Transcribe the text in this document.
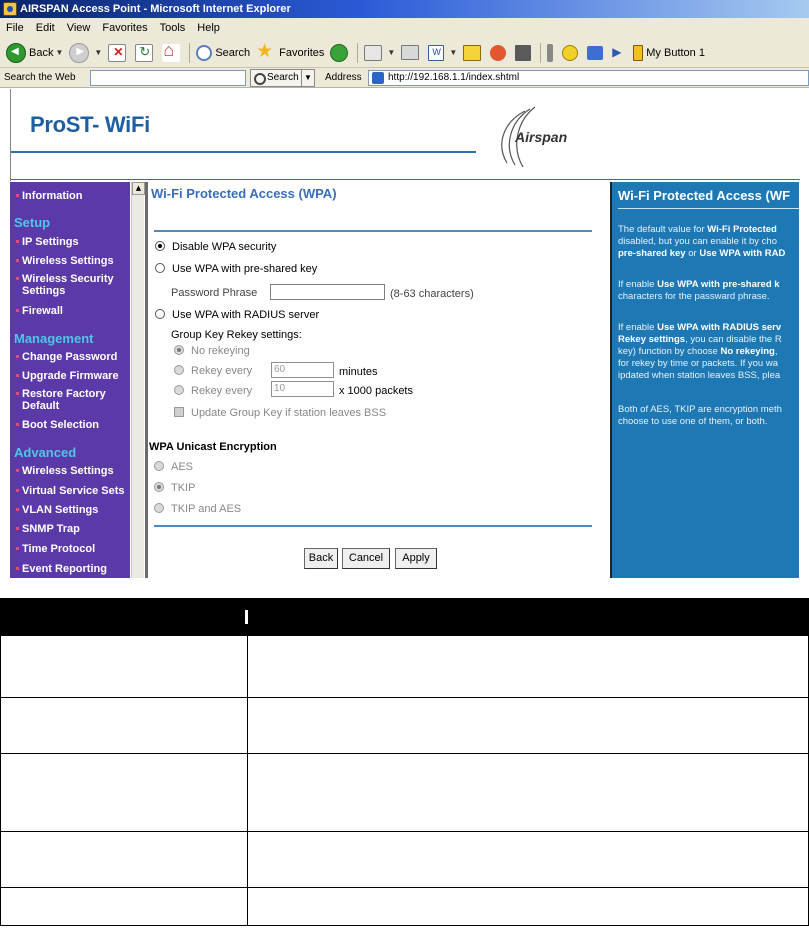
AIRSPAN Access Point - Microsoft Internet Explorer
File Edit View Favorites Tools Help
◀
Back ▼ ▶	▼ ✕ ↻ ⌂	Search ★	Favorites	▼ W	▼ ▶	My Button 1
Search the Web	Search ▼	Address	http://192.168.1.1/index.shtml
ProST- WiFi	Airspan
Information
Setup
IP Settings
Wireless Settings
Wireless Security Settings
Firewall
Management
Change Password
Upgrade Firmware
Restore Factory Default
Boot Selection
Advanced
Wireless Settings
Virtual Service Sets
VLAN Settings
SNMP Trap
Time Protocol
Event Reporting
▲ Wi-Fi Protected Access (WPA)
Disable WPA security
Use WPA with pre-shared key
Password Phrase	(8-63 characters)
Use WPA with RADIUS server
Group Key Rekey settings:
No rekeying
Rekey every	60	minutes
Rekey every	10	x 1000 packets
Update Group Key if station leaves BSS
WPA Unicast Encryption
AES
TKIP
TKIP and AES
Back	Cancel	Apply
Wi-Fi Protected Access (WF

The default value for Wi-Fi Protected
disabled, but you can enable it by cho
pre-shared key or Use WPA with RAD

If enable Use WPA with pre-shared k
characters for the passward phrase.

If enable Use WPA with RADIUS serv
Rekey settings, you can disable the R
key) function by choose No rekeying,
for rekey by time or packets. If you wa
ipdated when station leaves BSS, plea

Both of AES, TKIP are encryption meth
choose to use one of them, or both.
